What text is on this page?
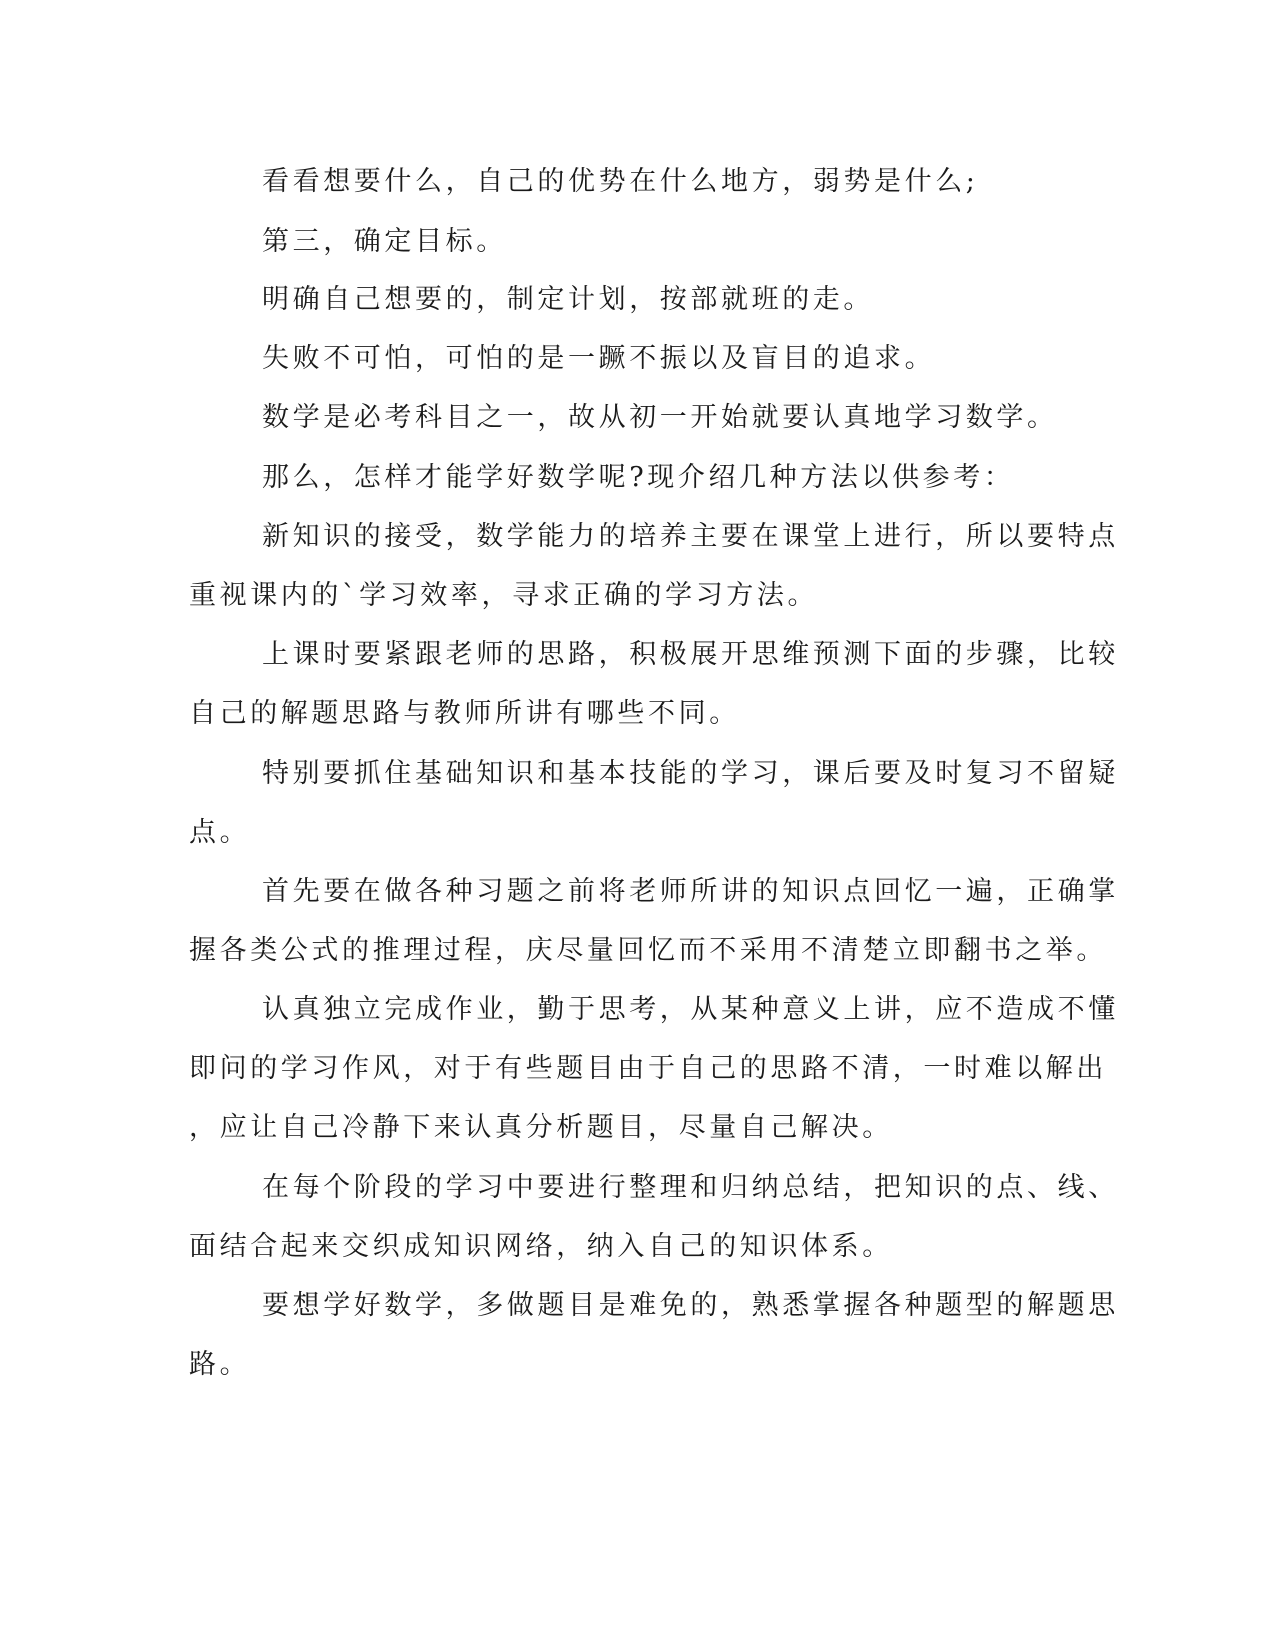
看看想要什么，自己的优势在什么地方，弱势是什么;

第三，确定目标。

明确自己想要的，制定计划，按部就班的走。

失败不可怕，可怕的是一蹶不振以及盲目的追求。

数学是必考科目之一，故从初一开始就要认真地学习数学。

那么，怎样才能学好数学呢?现介绍几种方法以供参考：

新知识的接受，数学能力的培养主要在课堂上进行，所以要特点

重视课内的`学习效率，寻求正确的学习方法。

上课时要紧跟老师的思路，积极展开思维预测下面的步骤，比较

自己的解题思路与教师所讲有哪些不同。

特别要抓住基础知识和基本技能的学习，课后要及时复习不留疑

点。

首先要在做各种习题之前将老师所讲的知识点回忆一遍，正确掌

握各类公式的推理过程，庆尽量回忆而不采用不清楚立即翻书之举。

认真独立完成作业，勤于思考，从某种意义上讲，应不造成不懂

即问的学习作风，对于有些题目由于自己的思路不清，一时难以解出

，应让自己冷静下来认真分析题目，尽量自己解决。

在每个阶段的学习中要进行整理和归纳总结，把知识的点、线、

面结合起来交织成知识网络，纳入自己的知识体系。

要想学好数学，多做题目是难免的，熟悉掌握各种题型的解题思

路。
